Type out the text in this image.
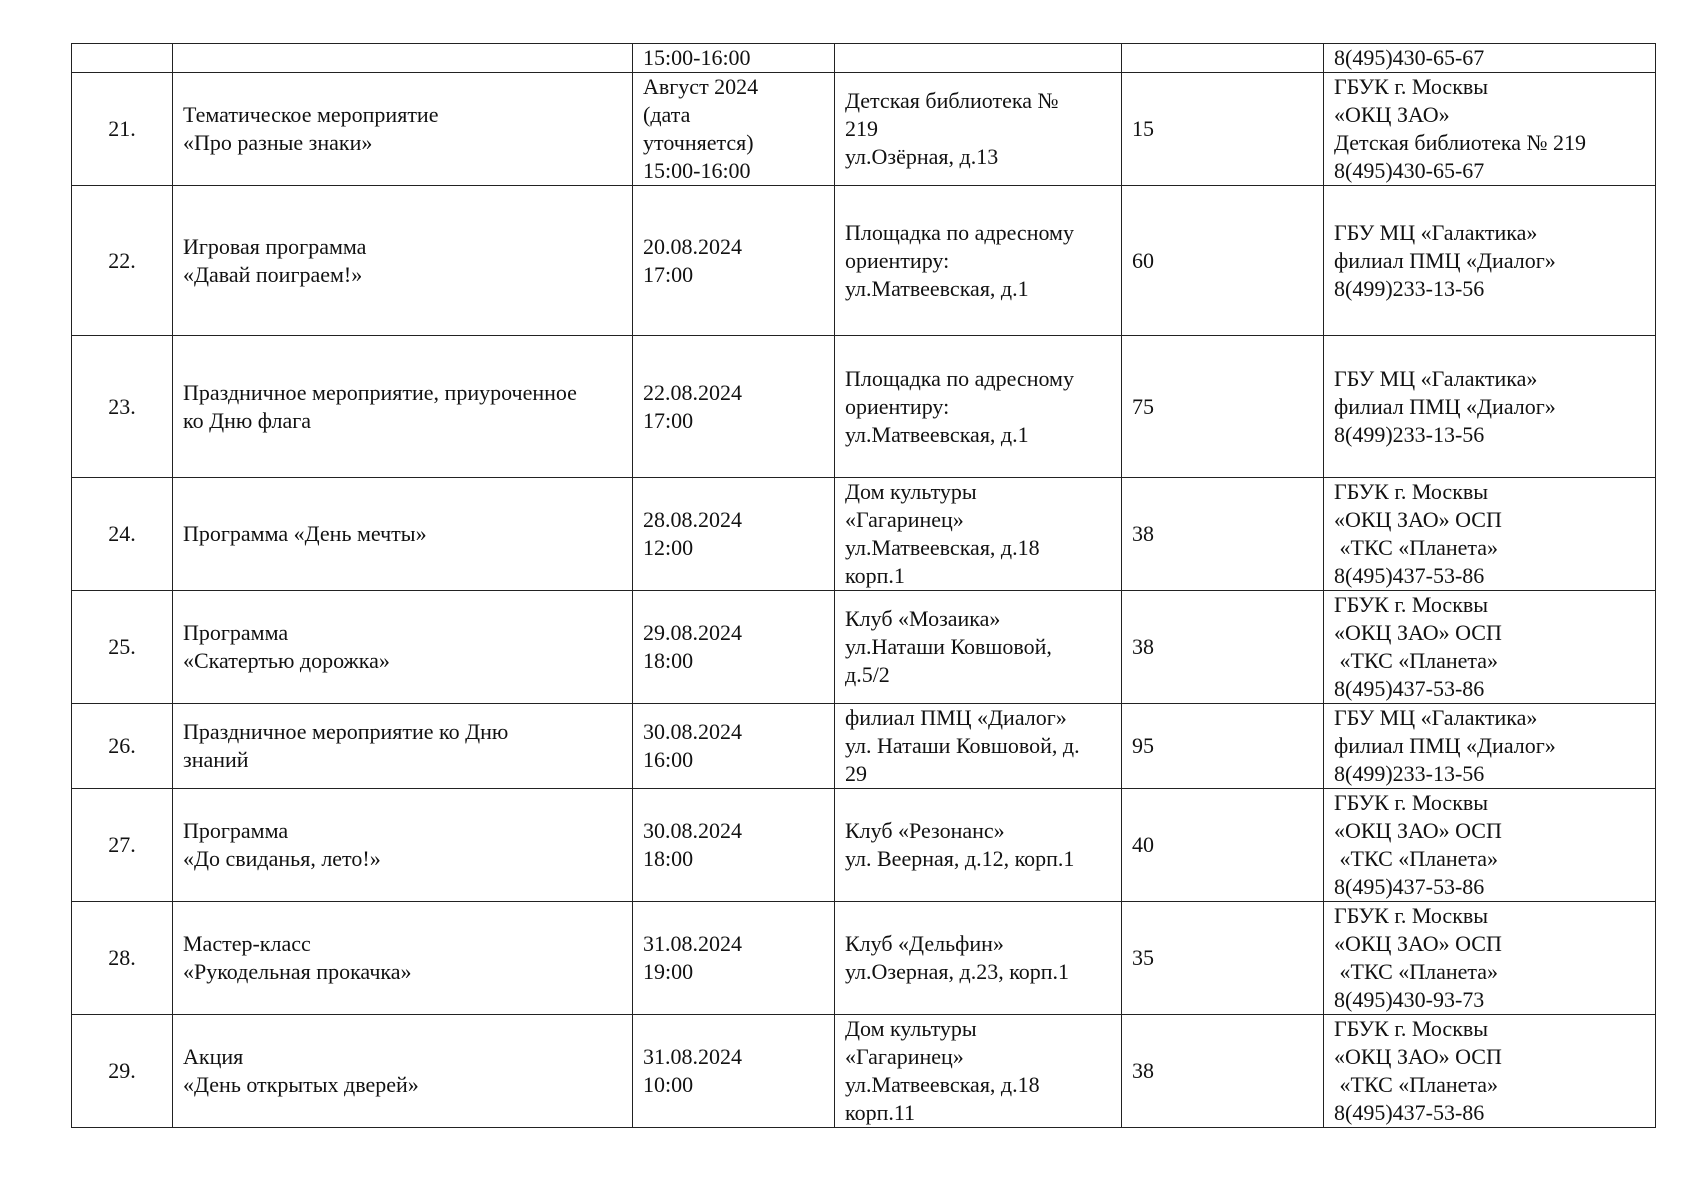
		15:00-16:00			8(495)430-65-67

21.	Тематическое мероприятие
«Про разные знаки»	Август 2024
(дата
уточняется)
15:00-16:00	Детская библиотека №
219
ул.Озёрная, д.13	15	ГБУК г. Москвы
«ОКЦ ЗАО»
Детская библиотека № 219
8(495)430-65-67

22.	Игровая программа
«Давай поиграем!»	20.08.2024
17:00	Площадка по адресному
ориентиру:
ул.Матвеевская, д.1	60	ГБУ МЦ «Галактика»
филиал ПМЦ «Диалог»
8(499)233-13-56

23.	Праздничное мероприятие, приуроченное
ко Дню флага	22.08.2024
17:00	Площадка по адресному
ориентиру:
ул.Матвеевская, д.1	75	ГБУ МЦ «Галактика»
филиал ПМЦ «Диалог»
8(499)233-13-56

24.	Программа «День мечты»	28.08.2024
12:00	Дом культуры
«Гагаринец»
ул.Матвеевская, д.18
корп.1	38	ГБУК г. Москвы
«ОКЦ ЗАО» ОСП
«ТКС «Планета»
8(495)437-53-86

25.	Программа
«Скатертью дорожка»	29.08.2024
18:00	Клуб «Мозаика»
ул.Наташи Ковшовой,
д.5/2	38	ГБУК г. Москвы
«ОКЦ ЗАО» ОСП
«ТКС «Планета»
8(495)437-53-86

26.	Праздничное мероприятие ко Дню
знаний	30.08.2024
16:00	филиал ПМЦ «Диалог»
ул. Наташи Ковшовой, д.
29	95	ГБУ МЦ «Галактика»
филиал ПМЦ «Диалог»
8(499)233-13-56

27.	Программа
«До свиданья, лето!»	30.08.2024
18:00	Клуб «Резонанс»
ул. Веерная, д.12, корп.1	40	ГБУК г. Москвы
«ОКЦ ЗАО» ОСП
«ТКС «Планета»
8(495)437-53-86

28.	Мастер-класс
«Рукодельная прокачка»	31.08.2024
19:00	Клуб «Дельфин»
ул.Озерная, д.23, корп.1	35	ГБУК г. Москвы
«ОКЦ ЗАО» ОСП
«ТКС «Планета»
8(495)430-93-73

29.	Акция
«День открытых дверей»	31.08.2024
10:00	Дом культуры
«Гагаринец»
ул.Матвеевская, д.18
корп.11	38	ГБУК г. Москвы
«ОКЦ ЗАО» ОСП
«ТКС «Планета»
8(495)437-53-86
